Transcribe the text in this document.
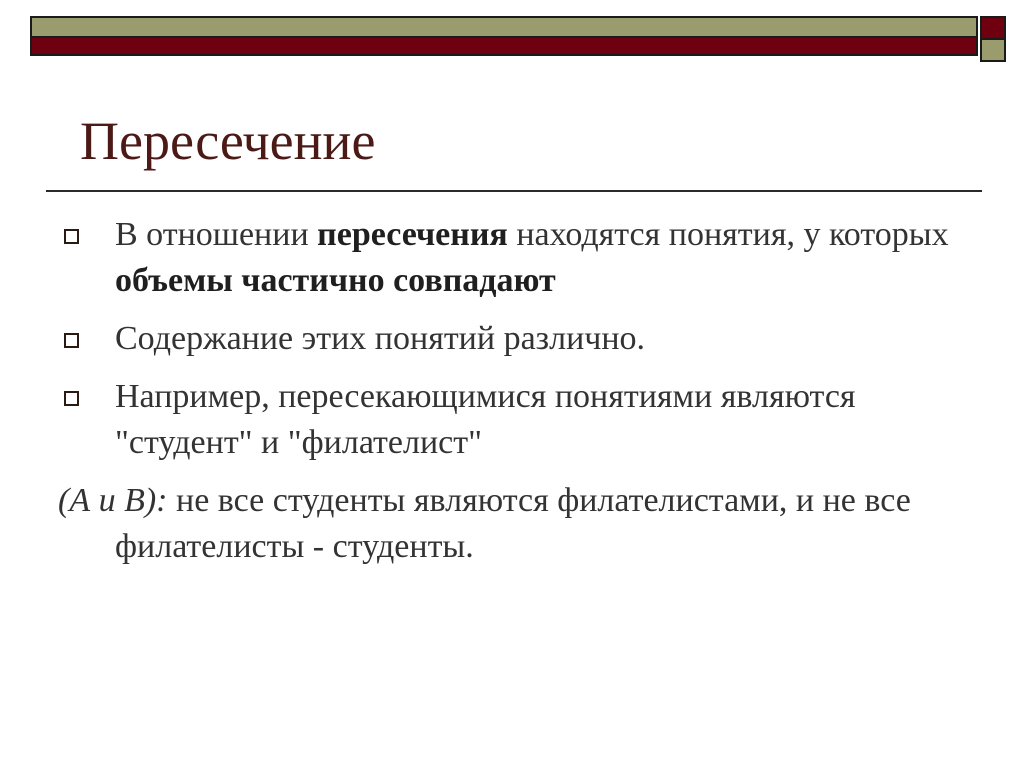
Пересечение
В отношении пересечения находятся понятия, у которых объемы частично совпадают
Содержание этих понятий различно.
Например, пересекающимися понятиями являются "студент" и "филателист"
(А и В): не все студенты являются филателистами, и не все филателисты - студенты.
